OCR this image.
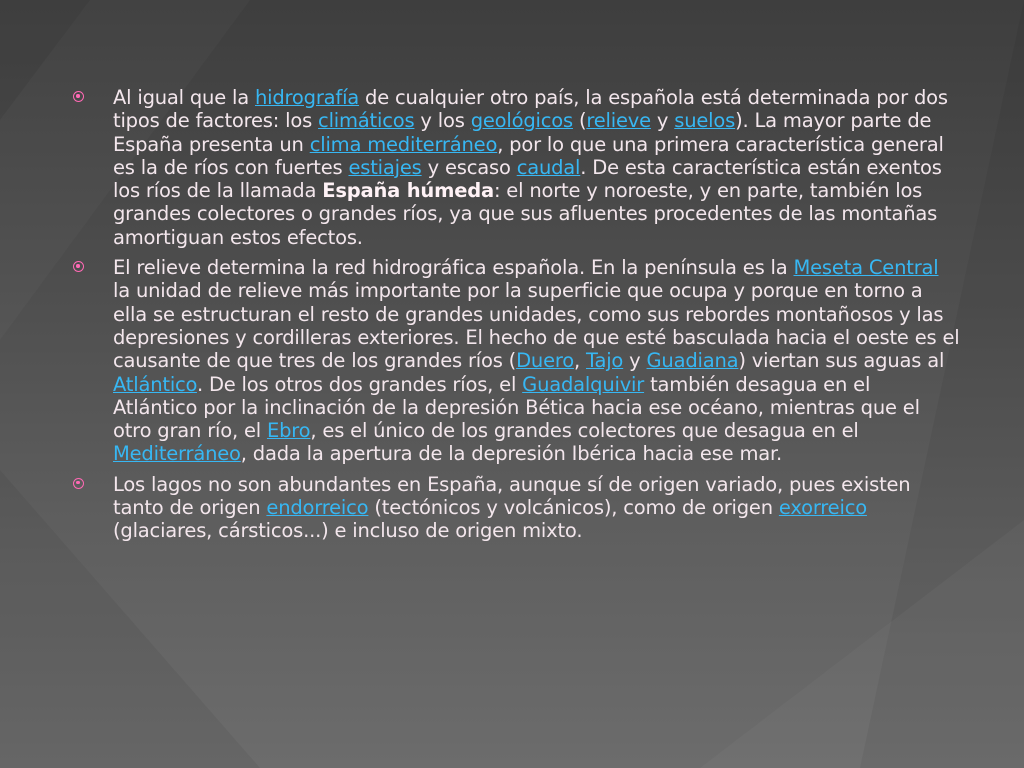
Al igual que la hidrografía de cualquier otro país, la española está determinada por dos tipos de factores: los climáticos y los geológicos (relieve y suelos). La mayor parte de España presenta un clima mediterráneo, por lo que una primera característica general es la de ríos con fuertes estiajes y escaso caudal. De esta característica están exentos los ríos de la llamada España húmeda: el norte y noroeste, y en parte, también los grandes colectores o grandes ríos, ya que sus afluentes procedentes de las montañas amortiguan estos efectos.
El relieve determina la red hidrográfica española. En la península es la Meseta Central la unidad de relieve más importante por la superficie que ocupa y porque en torno a ella se estructuran el resto de grandes unidades, como sus rebordes montañosos y las depresiones y cordilleras exteriores. El hecho de que esté basculada hacia el oeste es el causante de que tres de los grandes ríos (Duero, Tajo y Guadiana) viertan sus aguas al Atlántico. De los otros dos grandes ríos, el Guadalquivir también desagua en el Atlántico por la inclinación de la depresión Bética hacia ese océano, mientras que el otro gran río, el Ebro, es el único de los grandes colectores que desagua en el Mediterráneo, dada la apertura de la depresión Ibérica hacia ese mar.
Los lagos no son abundantes en España, aunque sí de origen variado, pues existen tanto de origen endorreico (tectónicos y volcánicos), como de origen exorreico (glaciares, cársticos...) e incluso de origen mixto.
